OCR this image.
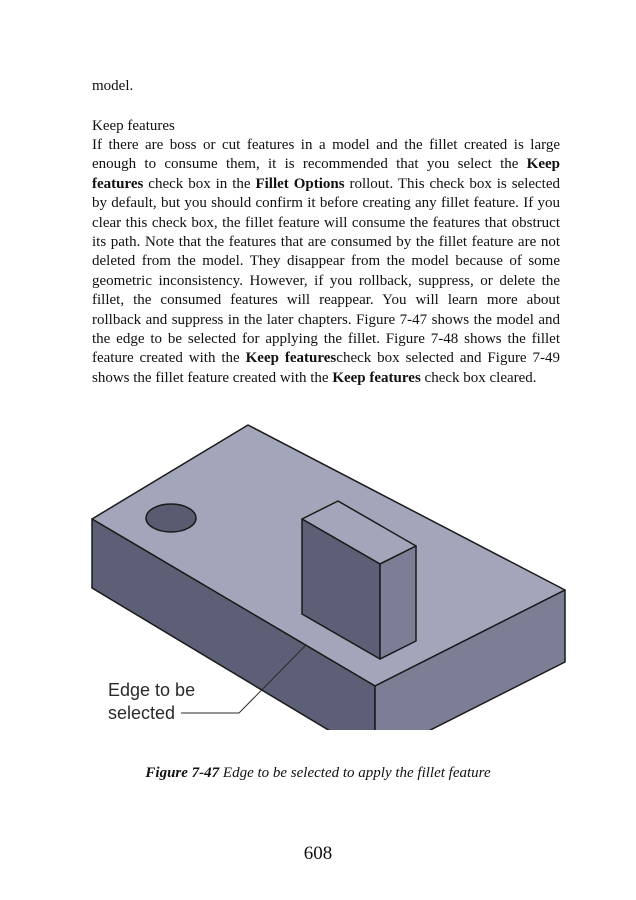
model.
Keep features
If there are boss or cut features in a model and the fillet created is large enough to consume them, it is recommended that you select the Keep features check box in the Fillet Options rollout. This check box is selected by default, but you should confirm it before creating any fillet feature. If you clear this check box, the fillet feature will consume the features that obstruct its path. Note that the features that are consumed by the fillet feature are not deleted from the model. They disappear from the model because of some geometric inconsistency. However, if you rollback, suppress, or delete the fillet, the consumed features will reappear. You will learn more about rollback and suppress in the later chapters. Figure 7-47 shows the model and the edge to be selected for applying the fillet. Figure 7-48 shows the fillet feature created with the Keep featurescheck box selected and Figure 7-49 shows the fillet feature created with the Keep features check box cleared.
Edge to be
selected
Figure 7-47 Edge to be selected to apply the fillet feature
608
